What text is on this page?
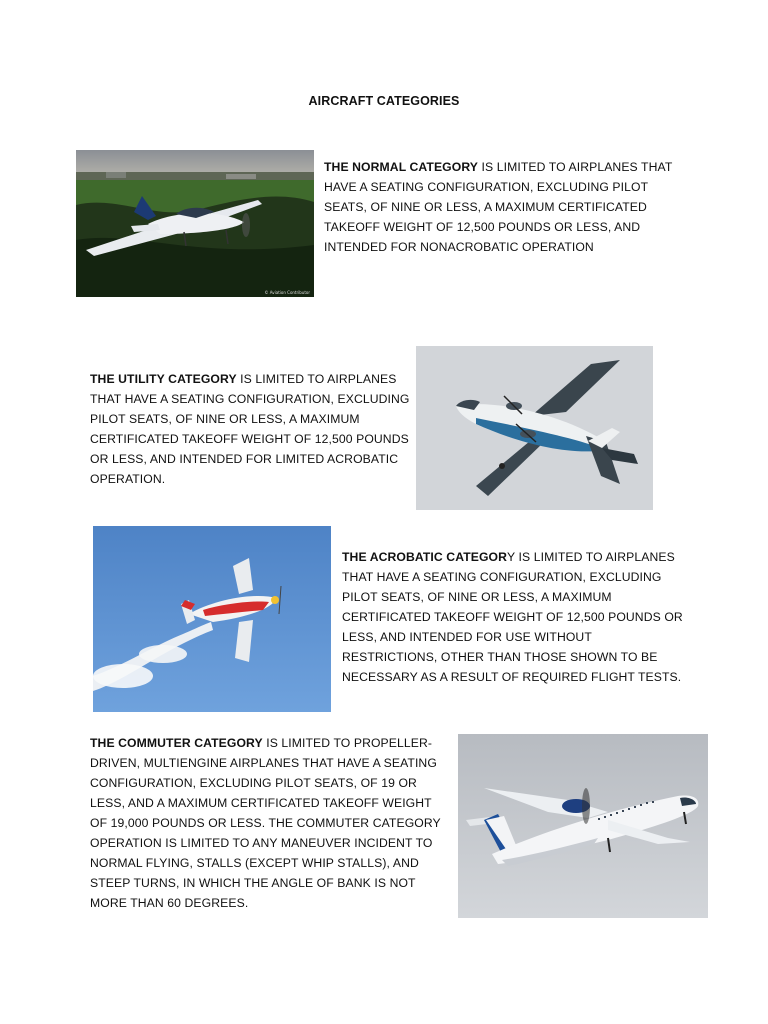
AIRCRAFT CATEGORIES
© Aviation Contributor
THE NORMAL CATEGORY IS LIMITED TO AIRPLANES THAT HAVE A SEATING CONFIGURATION, EXCLUDING PILOT SEATS, OF NINE OR LESS, A MAXIMUM CERTIFICATED TAKEOFF WEIGHT OF 12,500 POUNDS OR LESS, AND INTENDED FOR NONACROBATIC OPERATION
THE UTILITY CATEGORY IS LIMITED TO AIRPLANES THAT HAVE A SEATING CONFIGURATION, EXCLUDING PILOT SEATS, OF NINE OR LESS, A MAXIMUM CERTIFICATED TAKEOFF WEIGHT OF 12,500 POUNDS OR LESS, AND INTENDED FOR LIMITED ACROBATIC OPERATION.
THE ACROBATIC CATEGORY IS LIMITED TO AIRPLANES THAT HAVE A SEATING CONFIGURATION, EXCLUDING PILOT SEATS, OF NINE OR LESS, A MAXIMUM CERTIFICATED TAKEOFF WEIGHT OF 12,500 POUNDS OR LESS, AND INTENDED FOR USE WITHOUT RESTRICTIONS, OTHER THAN THOSE SHOWN TO BE NECESSARY AS A RESULT OF REQUIRED FLIGHT TESTS.
THE COMMUTER CATEGORY IS LIMITED TO PROPELLER-DRIVEN, MULTIENGINE AIRPLANES THAT HAVE A SEATING CONFIGURATION, EXCLUDING PILOT SEATS, OF 19 OR LESS, AND A MAXIMUM CERTIFICATED TAKEOFF WEIGHT OF 19,000 POUNDS OR LESS. THE COMMUTER CATEGORY OPERATION IS LIMITED TO ANY MANEUVER INCIDENT TO NORMAL FLYING, STALLS (EXCEPT WHIP STALLS), AND STEEP TURNS, IN WHICH THE ANGLE OF BANK IS NOT MORE THAN 60 DEGREES.
